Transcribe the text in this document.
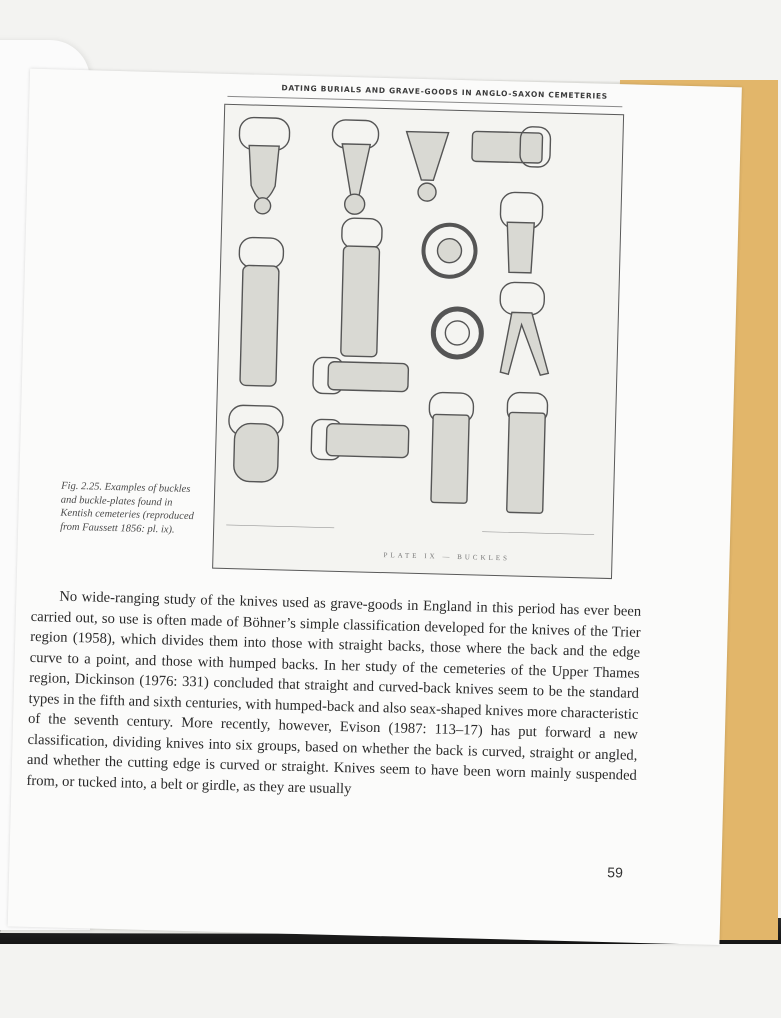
DATING BURIALS AND GRAVE-GOODS IN ANGLO-SAXON CEMETERIES
PLATE IX — BUCKLES
Fig. 2.25. Examples of buckles and buckle-plates found in Kentish cemeteries (reproduced from Faussett 1856: pl. ix).
No wide-ranging study of the knives used as grave-goods in England in this period has ever been carried out, so use is often made of Böhner’s simple classification developed for the knives of the Trier region (1958), which divides them into those with straight backs, those where the back and the edge curve to a point, and those with humped backs. In her study of the cemeteries of the Upper Thames region, Dickinson (1976: 331) concluded that straight and curved-back knives seem to be the standard types in the fifth and sixth centuries, with humped-back and also seax-shaped knives more characteristic of the seventh century. More recently, however, Evison (1987: 113–17) has put forward a new classification, dividing knives into six groups, based on whether the back is curved, straight or angled, and whether the cutting edge is curved or straight. Knives seem to have been worn mainly suspended from, or tucked into, a belt or girdle, as they are usually
59
